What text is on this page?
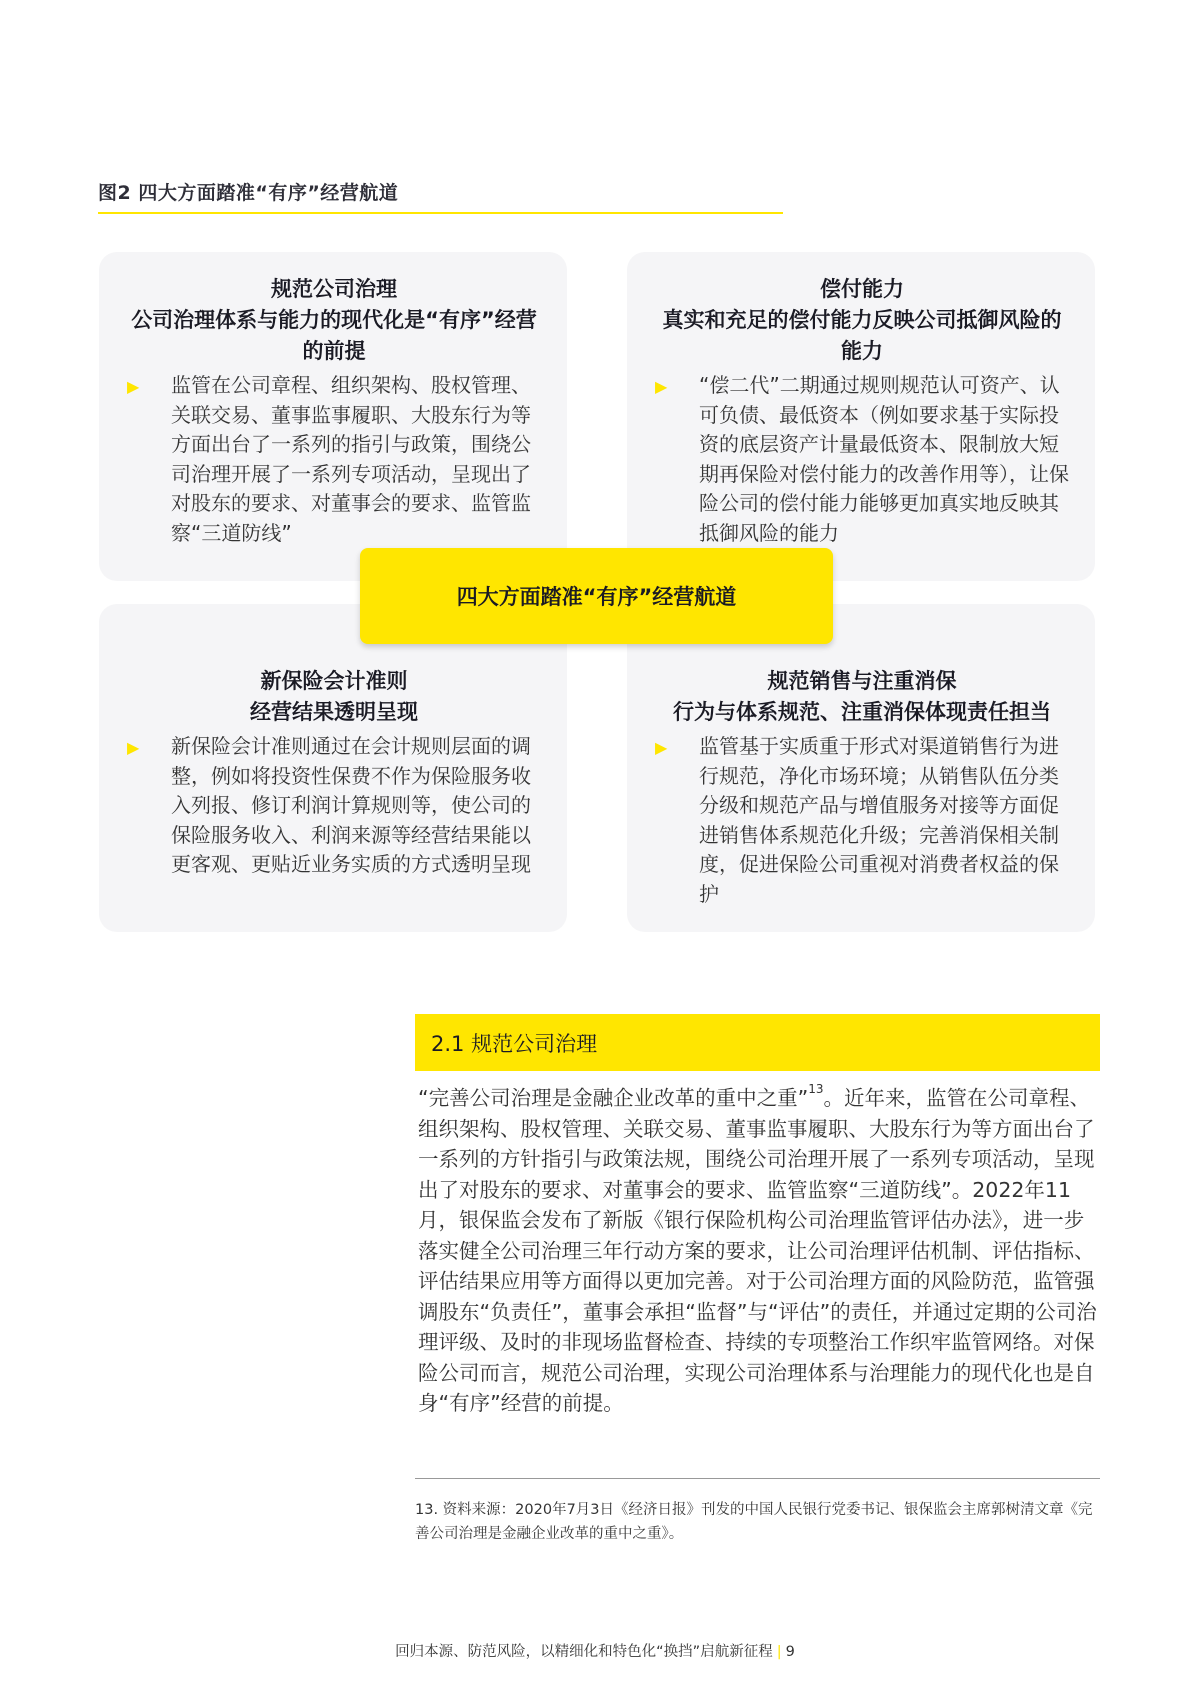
图2 四大方面踏准“有序”经营航道
规范公司治理
公司治理体系与能力的现代化是“有序”经营的前提
▶ 监管在公司章程、组织架构、股权管理、关联交易、董事监事履职、大股东行为等方面出台了一系列的指引与政策，围绕公司治理开展了一系列专项活动，呈现出了对股东的要求、对董事会的要求、监管监察“三道防线”
偿付能力
真实和充足的偿付能力反映公司抵御风险的能力
▶ “偿二代”二期通过规则规范认可资产、认可负债、最低资本（例如要求基于实际投资的底层资产计量最低资本、限制放大短期再保险对偿付能力的改善作用等），让保险公司的偿付能力能够更加真实地反映其抵御风险的能力
新保险会计准则
经营结果透明呈现
▶ 新保险会计准则通过在会计规则层面的调整，例如将投资性保费不作为保险服务收入列报、修订利润计算规则等，使公司的保险服务收入、利润来源等经营结果能以更客观、更贴近业务实质的方式透明呈现
规范销售与注重消保
行为与体系规范、注重消保体现责任担当
▶ 监管基于实质重于形式对渠道销售行为进行规范，净化市场环境；从销售队伍分类分级和规范产品与增值服务对接等方面促进销售体系规范化升级；完善消保相关制度，促进保险公司重视对消费者权益的保护
四大方面踏准“有序”经营航道
2.1 规范公司治理
“完善公司治理是金融企业改革的重中之重”$^{13}$。近年来，监管在公司章程、组织架构、股权管理、关联交易、董事监事履职、大股东行为等方面出台了一系列的方针指引与政策法规，围绕公司治理开展了一系列专项活动，呈现出了对股东的要求、对董事会的要求、监管监察“三道防线”。2022年11月，银保监会发布了新版《银行保险机构公司治理监管评估办法》，进一步落实健全公司治理三年行动方案的要求，让公司治理评估机制、评估指标、评估结果应用等方面得以更加完善。对于公司治理方面的风险防范，监管强调股东“负责任”，董事会承担“监督”与“评估”的责任，并通过定期的公司治理评级、及时的非现场监督检查、持续的专项整治工作织牢监管网络。对保险公司而言，规范公司治理，实现公司治理体系与治理能力的现代化也是自身“有序”经营的前提。
13. 资料来源：2020年7月3日《经济日报》刊发的中国人民银行党委书记、银保监会主席郭树清文章《完善公司治理是金融企业改革的重中之重》。
回归本源、防范风险，以精细化和特色化“换挡”启航新征程 | 9
